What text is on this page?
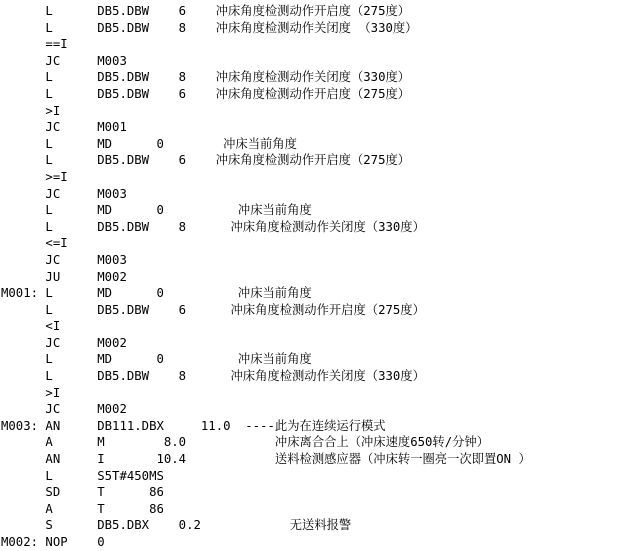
L      DB5.DBW    6    冲床角度检测动作开启度（275度）
L      DB5.DBW    8    冲床角度检测动作关闭度 （330度）
==I
JC     M003
L      DB5.DBW    8    冲床角度检测动作关闭度（330度）
L      DB5.DBW    6    冲床角度检测动作开启度（275度）
>I
JC     M001
L      MD      0        冲床当前角度
L      DB5.DBW    6    冲床角度检测动作开启度（275度）
>=I
JC     M003
L      MD      0          冲床当前角度
L      DB5.DBW    8      冲床角度检测动作关闭度（330度）
<=I
JC     M003
JU     M002
M001: L      MD      0          冲床当前角度
L      DB5.DBW    6      冲床角度检测动作开启度（275度）
<I
JC     M002
L      MD      0          冲床当前角度
L      DB5.DBW    8      冲床角度检测动作关闭度（330度）
>I
JC     M002
M003: AN     DB111.DBX     11.0  ----此为在连续运行模式
A      M        8.0            冲床离合合上（冲床速度650转/分钟）
AN     I       10.4            送料检测感应器（冲床转一圈亮一次即置ON ）
L      S5T#450MS
SD     T      86
A      T      86
S      DB5.DBX    0.2            无送料报警
M002: NOP    0
